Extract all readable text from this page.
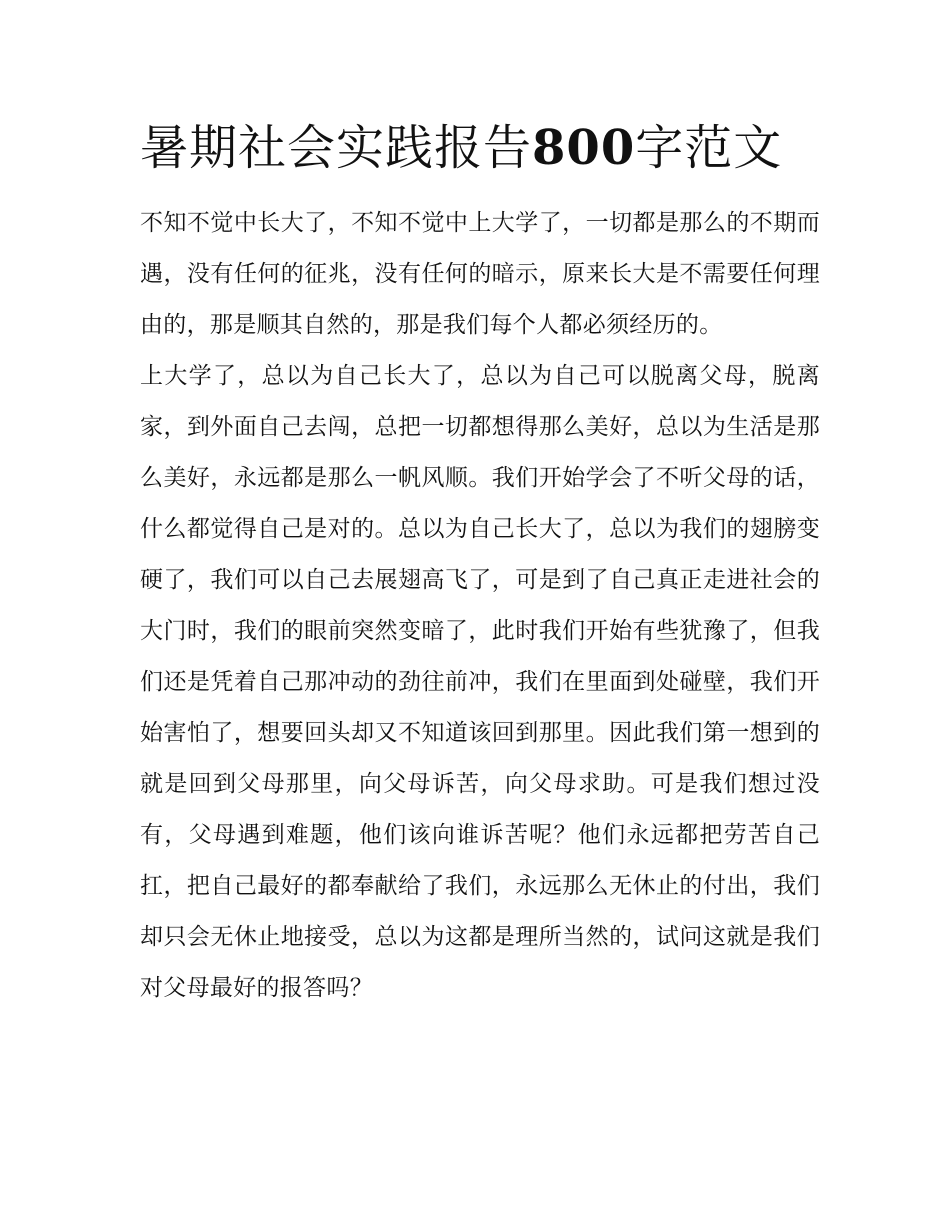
暑期社会实践报告800字范文

不知不觉中长大了，不知不觉中上大学了，一切都是那么的不期而遇，没有任何的征兆，没有任何的暗示，原来长大是不需要任何理由的，那是顺其自然的，那是我们每个人都必须经历的。

上大学了，总以为自己长大了，总以为自己可以脱离父母，脱离家，到外面自己去闯，总把一切都想得那么美好，总以为生活是那么美好，永远都是那么一帆风顺。我们开始学会了不听父母的话，什么都觉得自己是对的。总以为自己长大了，总以为我们的翅膀变硬了，我们可以自己去展翅高飞了，可是到了自己真正走进社会的大门时，我们的眼前突然变暗了，此时我们开始有些犹豫了，但我们还是凭着自己那冲动的劲往前冲，我们在里面到处碰壁，我们开始害怕了，想要回头却又不知道该回到那里。因此我们第一想到的就是回到父母那里，向父母诉苦，向父母求助。可是我们想过没有，父母遇到难题，他们该向谁诉苦呢？他们永远都把劳苦自己扛，把自己最好的都奉献给了我们，永远那么无休止的付出，我们却只会无休止地接受，总以为这都是理所当然的，试问这就是我们对父母最好的报答吗？
